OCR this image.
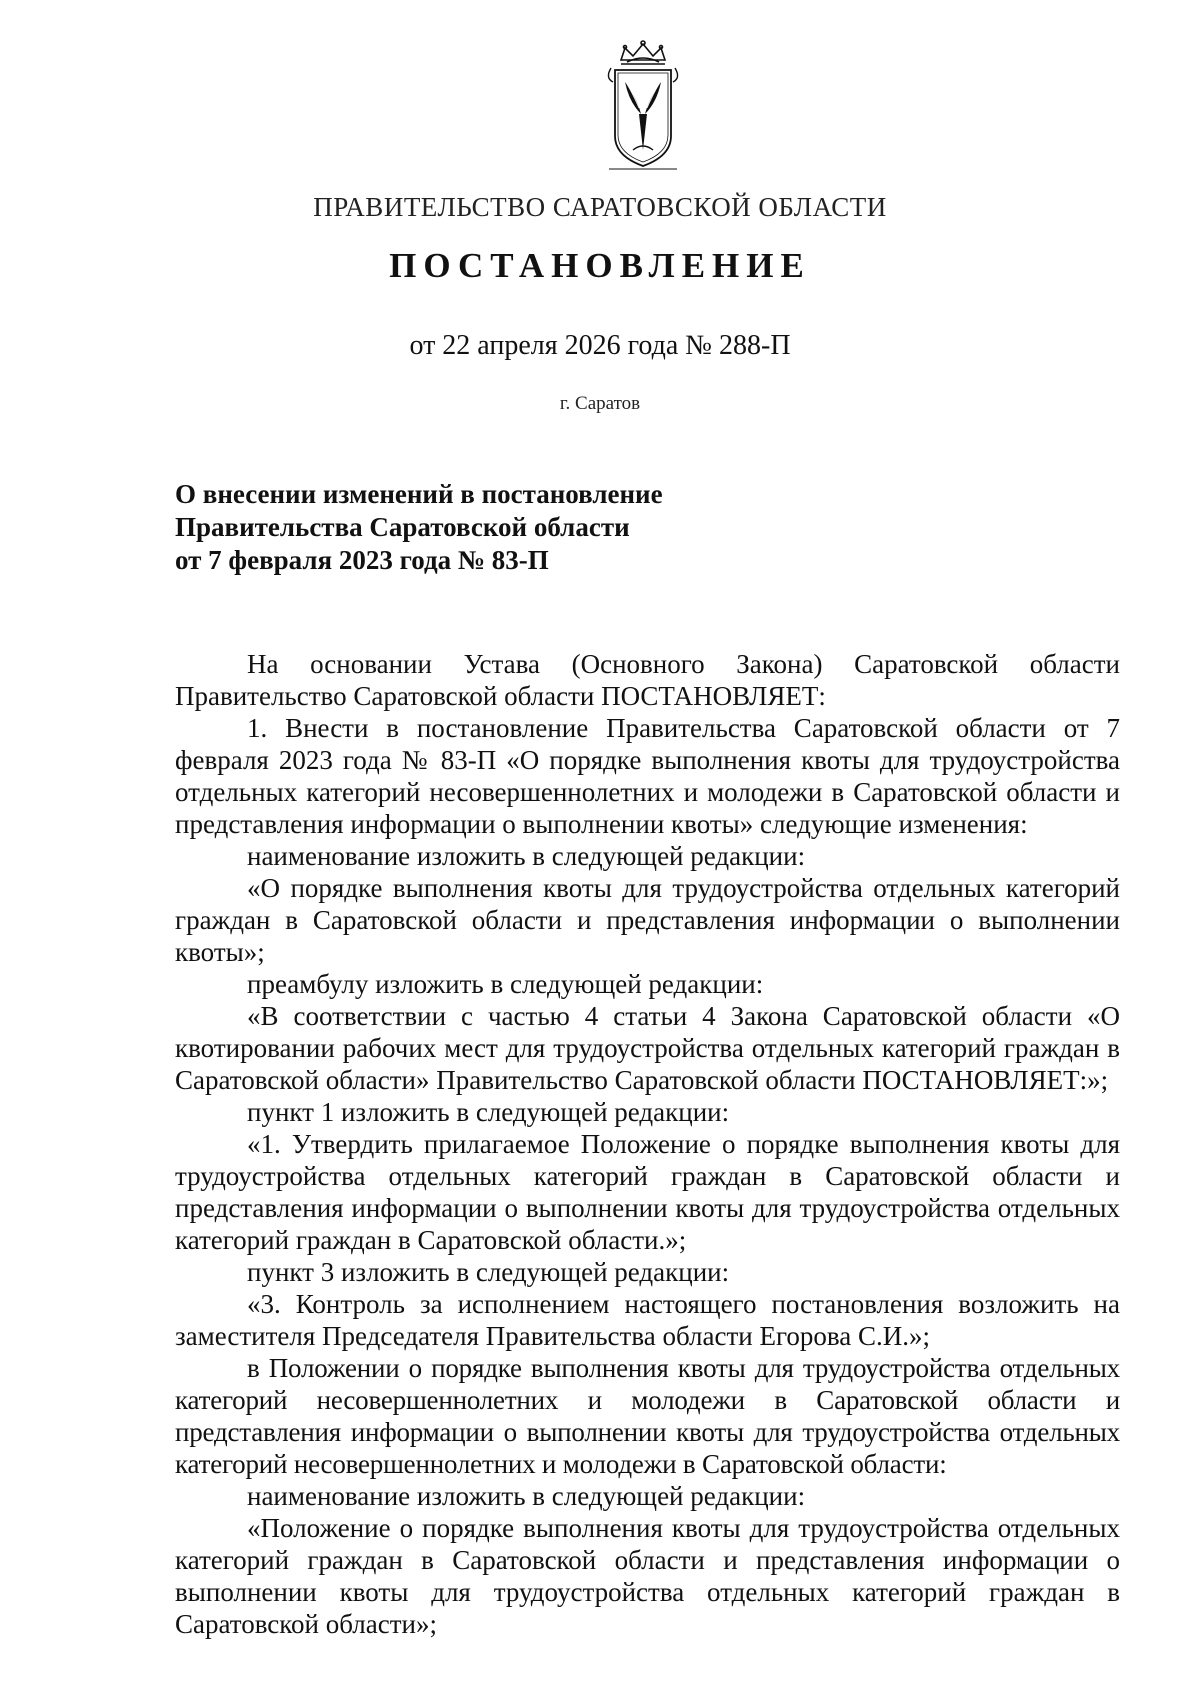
ПРАВИТЕЛЬСТВО САРАТОВСКОЙ ОБЛАСТИ
ПОСТАНОВЛЕНИЕ
от 22 апреля 2026 года № 288-П
г. Саратов
О внесении изменений в постановление
Правительства Саратовской области
от 7 февраля 2023 года № 83-П

На основании Устава (Основного Закона) Саратовской области Правительство Саратовской области ПОСТАНОВЛЯЕТ:

1. Внести в постановление Правительства Саратовской области от 7 февраля 2023 года № 83-П «О порядке выполнения квоты для трудоустройства отдельных категорий несовершеннолетних и молодежи в Саратовской области и представления информации о выполнении квоты» следующие изменения:

наименование изложить в следующей редакции:

«О порядке выполнения квоты для трудоустройства отдельных категорий граждан в Саратовской области и представления информации о выполнении квоты»;

преамбулу изложить в следующей редакции:

«В соответствии с частью 4 статьи 4 Закона Саратовской области «О квотировании рабочих мест для трудоустройства отдельных категорий граждан в Саратовской области» Правительство Саратовской области ПОСТАНОВЛЯЕТ:»;

пункт 1 изложить в следующей редакции:

«1. Утвердить прилагаемое Положение о порядке выполнения квоты для трудоустройства отдельных категорий граждан в Саратовской области и представления информации о выполнении квоты для трудоустройства отдельных категорий граждан в Саратовской области.»;

пункт 3 изложить в следующей редакции:

«3. Контроль за исполнением настоящего постановления возложить на заместителя Председателя Правительства области Егорова С.И.»;

в Положении о порядке выполнения квоты для трудоустройства отдельных категорий несовершеннолетних и молодежи в Саратовской области и представления информации о выполнении квоты для трудоустройства отдельных категорий несовершеннолетних и молодежи в Саратовской области:

наименование изложить в следующей редакции:

«Положение о порядке выполнения квоты для трудоустройства отдельных категорий граждан в Саратовской области и представления информации о выполнении квоты для трудоустройства отдельных категорий граждан в Саратовской области»;
